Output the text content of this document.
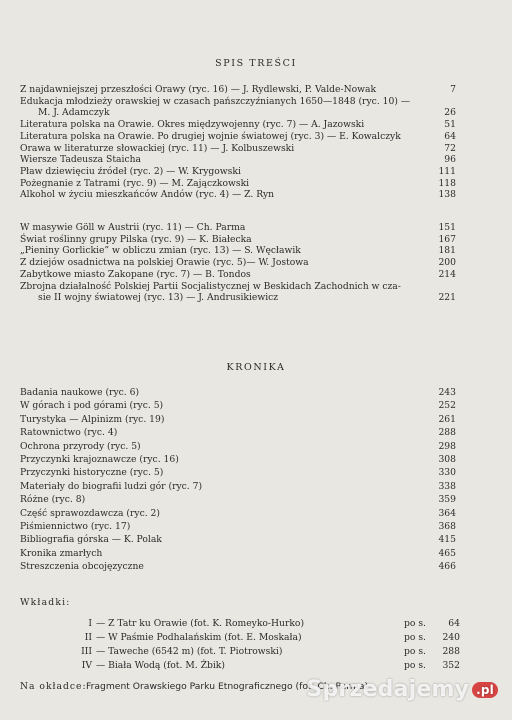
SPIS TREŚCI
Z najdawniejszej przeszłości Orawy (ryc. 16) — J. Rydlewski, P. Valde-Nowak	7
Edukacja młodzieży orawskiej w czasach pańszczyźnianych 1650—1848 (ryc. 10) —
M. J. Adamczyk	26
Literatura polska na Orawie. Okres międzywojenny (ryc. 7) — A. Jazowski	51
Literatura polska na Orawie. Po drugiej wojnie światowej (ryc. 3) — E. Kowalczyk	64
Orawa w literaturze słowackiej (ryc. 11) — J. Kolbuszewski	72
Wiersze Tadeusza Staicha	96
Pław dziewięciu źródeł (ryc. 2) — W. Krygowski	111
Pożegnanie z Tatrami (ryc. 9) — M. Zajączkowski	118
Alkohol w życiu mieszkańców Andów (ryc. 4) — Z. Ryn	138
W masywie Göll w Austrii (ryc. 11) — Ch. Parma	151
Świat roślinny grupy Pilska (ryc. 9) — K. Białecka	167
„Pieniny Gorlickie” w obliczu zmian (ryc. 13) — S. Węcławik	181
Z dziejów osadnictwa na polskiej Orawie (ryc. 5)— W. Jostowa	200
Zabytkowe miasto Zakopane (ryc. 7) — B. Tondos	214
Zbrojna działalność Polskiej Partii Socjalistycznej w Beskidach Zachodnich w cza-
sie II wojny światowej (ryc. 13) — J. Andrusikiewicz	221
KRONIKA
Badania naukowe (ryc. 6)	243
W górach i pod górami (ryc. 5)	252
Turystyka — Alpinizm (ryc. 19)	261
Ratownictwo (ryc. 4)	288
Ochrona przyrody (ryc. 5)	298
Przyczynki krajoznawcze (ryc. 16)	308
Przyczynki historyczne (ryc. 5)	330
Materiały do biografii ludzi gór (ryc. 7)	338
Różne (ryc. 8)	359
Część sprawozdawcza (ryc. 2)	364
Piśmiennictwo (ryc. 17)	368
Bibliografia górska — K. Polak	415
Kronika zmarłych	465
Streszczenia obcojęzyczne	466
Wkładki:
I — Z Tatr ku Orawie (fot. K. Romeyko-Hurko)	po s.	64
II — W Paśmie Podhalańskim (fot. E. Moskała)	po s.	240
III — Taweche (6542 m) (fot. T. Piotrowski)	po s.	288
IV — Biała Wodą (fot. M. Żbik)	po s.	352
Na okładce: Fragment Orawskiego Parku Etnograficznego (fot. Ch. Parma)
Sprzedajemy .pl
